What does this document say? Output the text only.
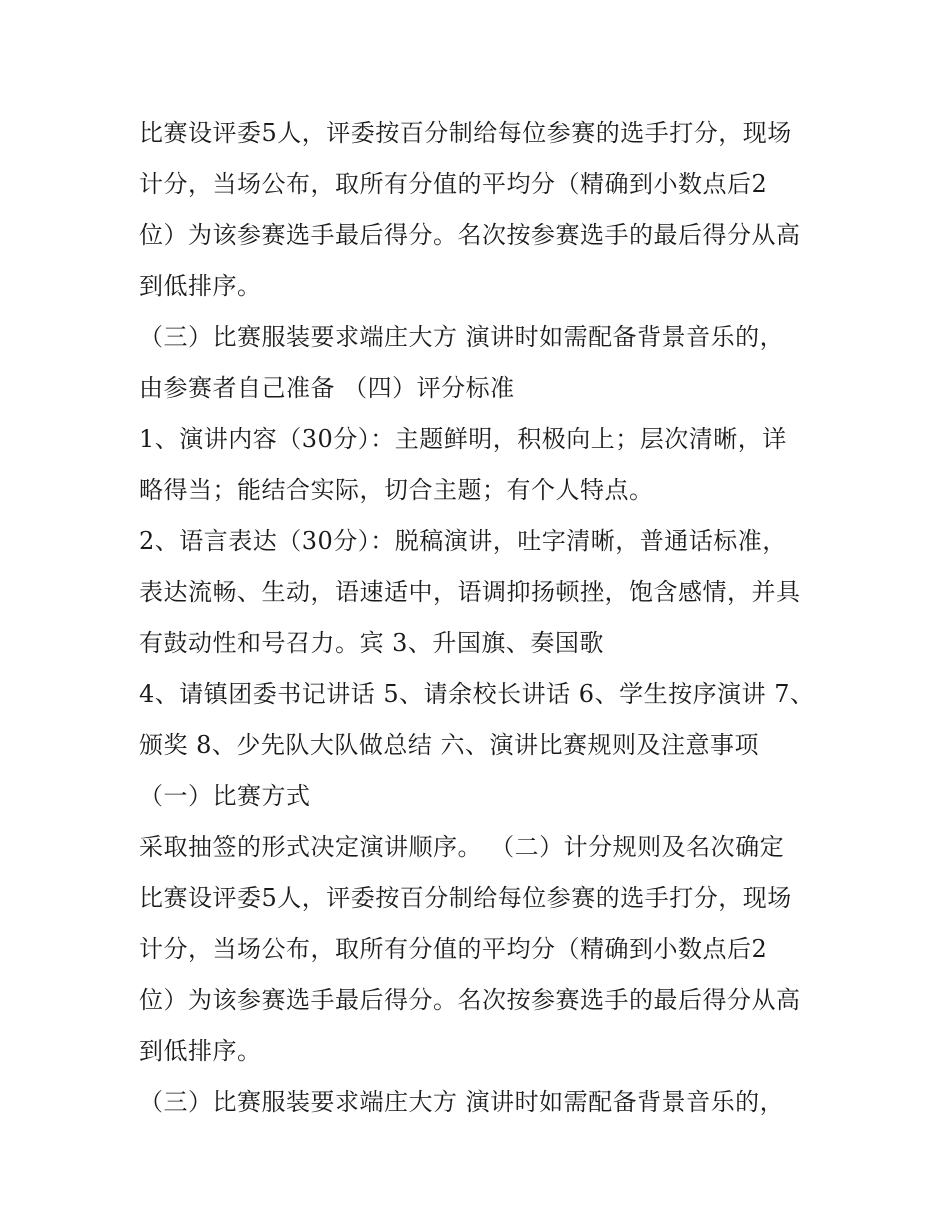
比赛设评委5人，评委按百分制给每位参赛的选手打分，现场
计分，当场公布，取所有分值的平均分（精确到小数点后2
位）为该参赛选手最后得分。名次按参赛选手的最后得分从高
到低排序。
（三）比赛服装要求端庄大方 演讲时如需配备背景音乐的，
由参赛者自己准备 （四）评分标准
1、演讲内容（30分）：主题鲜明，积极向上；层次清晰，详
略得当；能结合实际，切合主题；有个人特点。
2、语言表达（30分）：脱稿演讲，吐字清晰，普通话标准，
表达流畅、生动，语速适中，语调抑扬顿挫，饱含感情，并具
有鼓动性和号召力。宾 3、升国旗、奏国歌
4、请镇团委书记讲话 5、请余校长讲话 6、学生按序演讲 7、
颁奖 8、少先队大队做总结 六、演讲比赛规则及注意事项
（一）比赛方式
采取抽签的形式决定演讲顺序。 （二）计分规则及名次确定
比赛设评委5人，评委按百分制给每位参赛的选手打分，现场
计分，当场公布，取所有分值的平均分（精确到小数点后2
位）为该参赛选手最后得分。名次按参赛选手的最后得分从高
到低排序。
（三）比赛服装要求端庄大方 演讲时如需配备背景音乐的，
